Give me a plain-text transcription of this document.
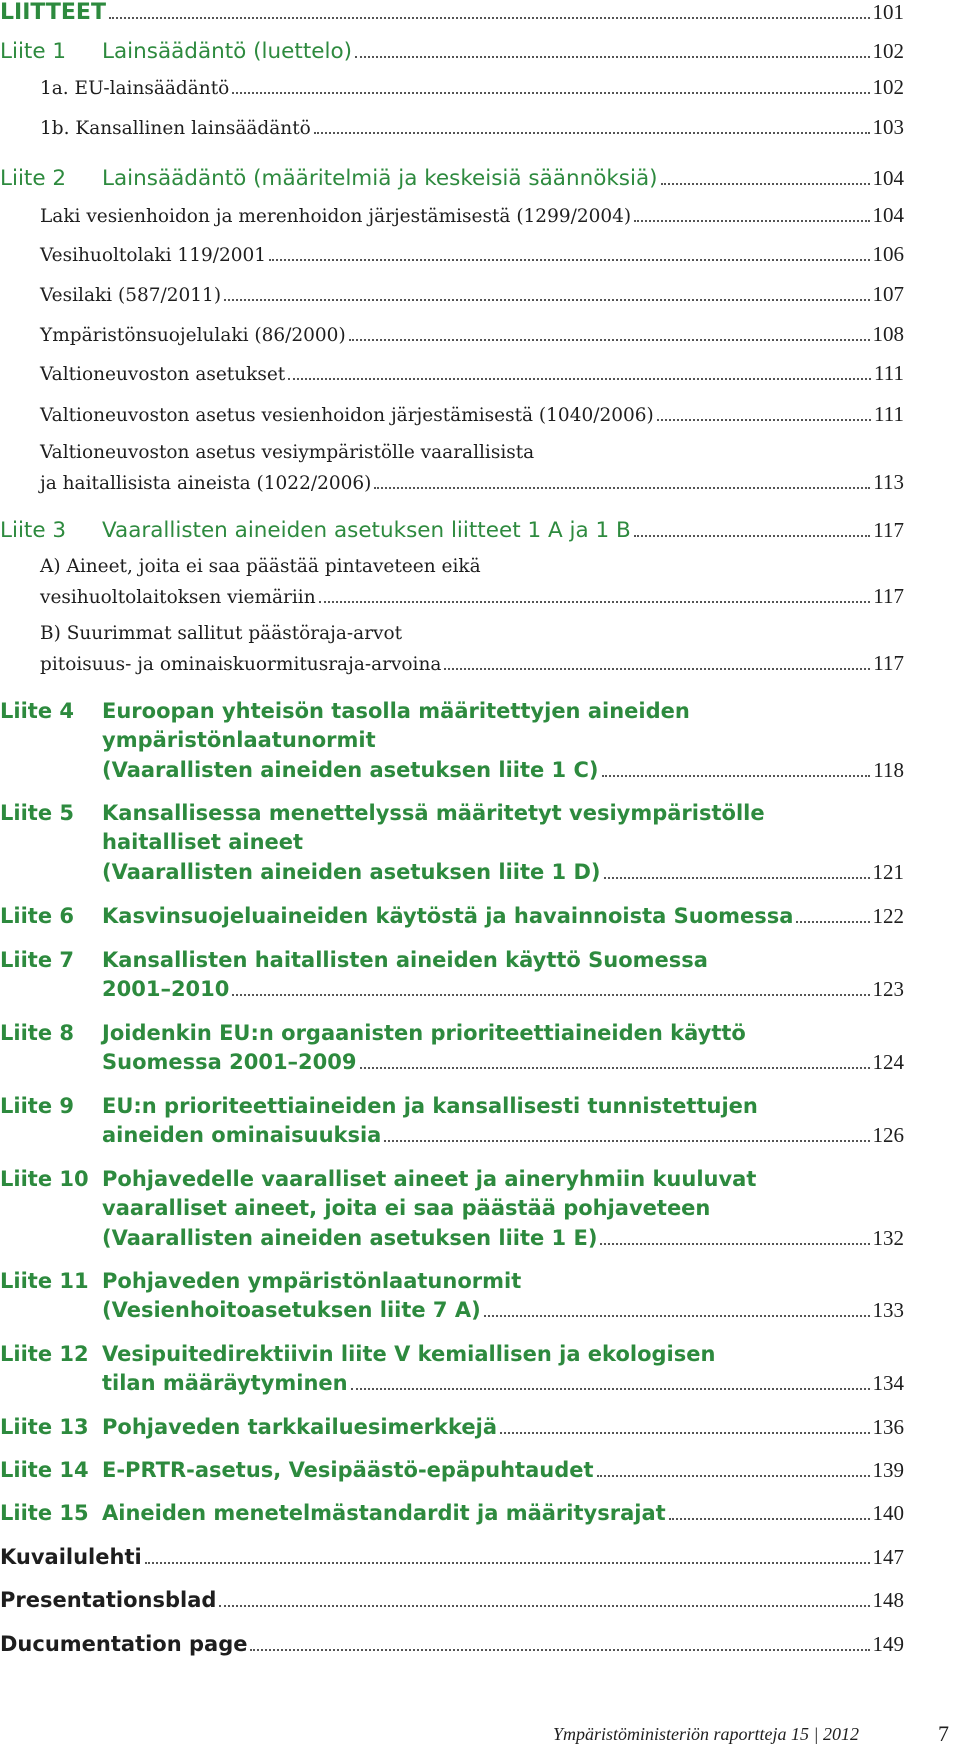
LIITTEET	101
Liite 1	Lainsäädäntö (luettelo)	102
1a. EU-lainsäädäntö	102
1b. Kansallinen lainsäädäntö	103
Liite 2	Lainsäädäntö (määritelmiä ja keskeisiä säännöksiä)	104
Laki vesienhoidon ja merenhoidon järjestämisestä (1299/2004)	104
Vesihuoltolaki 119/2001	106
Vesilaki (587/2011)	107
Ympäristönsuojelulaki (86/2000)	108
Valtioneuvoston asetukset	111
Valtioneuvoston asetus vesienhoidon järjestämisestä (1040/2006)	111
Valtioneuvoston asetus vesiympäristölle vaarallisista
ja haitallisista aineista (1022/2006)	113
Liite 3	Vaarallisten aineiden asetuksen liitteet 1 A ja 1 B	117
A) Aineet, joita ei saa päästää pintaveteen eikä
vesihuoltolaitoksen viemäriin	117
B) Suurimmat sallitut päästöraja-arvot
pitoisuus- ja ominaiskuormitusraja-arvoina	117
Liite 4	Euroopan yhteisön tasolla määritettyjen aineiden
ympäristönlaatunormit
(Vaarallisten aineiden asetuksen liite 1 C)	118
Liite 5	Kansallisessa menettelyssä määritetyt vesiympäristölle
haitalliset aineet
(Vaarallisten aineiden asetuksen liite 1 D)	121
Liite 6	Kasvinsuojeluaineiden käytöstä ja havainnoista Suomessa	122
Liite 7	Kansallisten haitallisten aineiden käyttö Suomessa
2001–2010	123
Liite 8	Joidenkin EU:n orgaanisten prioriteettiaineiden käyttö
Suomessa 2001–2009	124
Liite 9	EU:n prioriteettiaineiden ja kansallisesti tunnistettujen
aineiden ominaisuuksia	126
Liite 10 Pohjavedelle vaaralliset aineet ja aineryhmiin kuuluvat
vaaralliset aineet, joita ei saa päästää pohjaveteen
(Vaarallisten aineiden asetuksen liite 1 E)	132
Liite 11 Pohjaveden ympäristönlaatunormit
(Vesienhoitoasetuksen liite 7 A)	133
Liite 12 Vesipuitedirektiivin liite V kemiallisen ja ekologisen
tilan määräytyminen	134
Liite 13 Pohjaveden tarkkailuesimerkkejä	136
Liite 14 E-PRTR-asetus, Vesipäästö-epäpuhtaudet	139
Liite 15 Aineiden menetelmästandardit ja määritysrajat	140
Kuvailulehti	147
Presentationsblad	148
Ducumentation page	149
Ympäristöministeriön raportteja 15 | 2012	7
